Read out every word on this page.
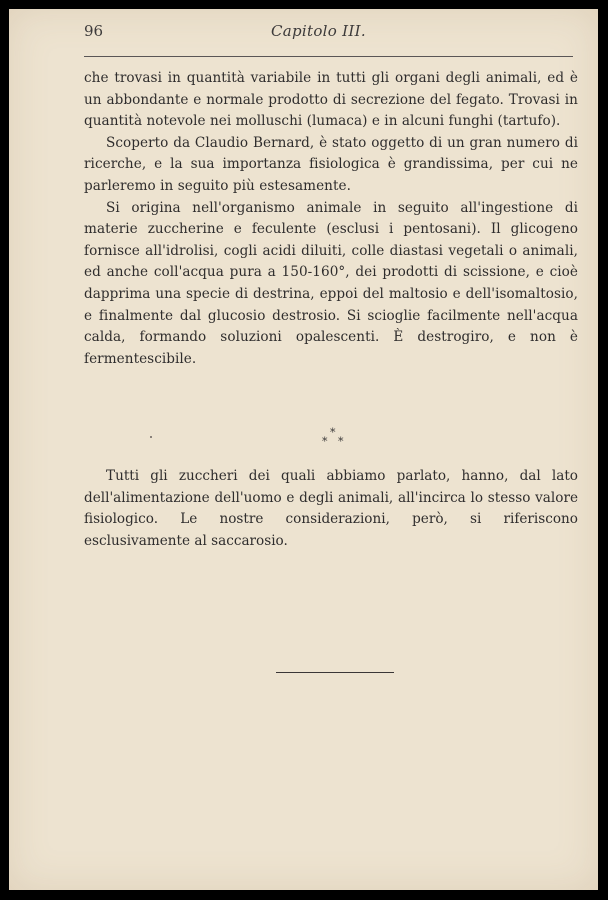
96	Capitolo III.

che trovasi in quantità variabile in tutti gli organi degli animali, ed è un abbondante e normale prodotto di secrezione del fegato. Trovasi in quantità notevole nei molluschi (lumaca) e in alcuni funghi (tartufo).

Scoperto da Claudio Bernard, è stato oggetto di un gran numero di ricerche, e la sua importanza fisiologica è grandissima, per cui ne parleremo in seguito più estesamente.

Si origina nell'organismo animale in seguito all'ingestione di materie zuccherine e feculente (esclusi i pentosani). Il glicogeno fornisce all'idrolisi, cogli acidi diluiti, colle diastasi vegetali o animali, ed anche coll'acqua pura a 150-160°, dei prodotti di scissione, e cioè dapprima una specie di destrina, eppoi del maltosio e dell'isomaltosio, e finalmente dal glucosio destrosio. Si scioglie facilmente nell'acqua calda, formando soluzioni opalescenti. È destrogiro, e non è fermentescibile.

*
* *

Tutti gli zuccheri dei quali abbiamo parlato, hanno, dal lato dell'alimentazione dell'uomo e degli animali, all'incirca lo stesso valore fisiologico. Le nostre considerazioni, però, si riferiscono esclusivamente al saccarosio.
